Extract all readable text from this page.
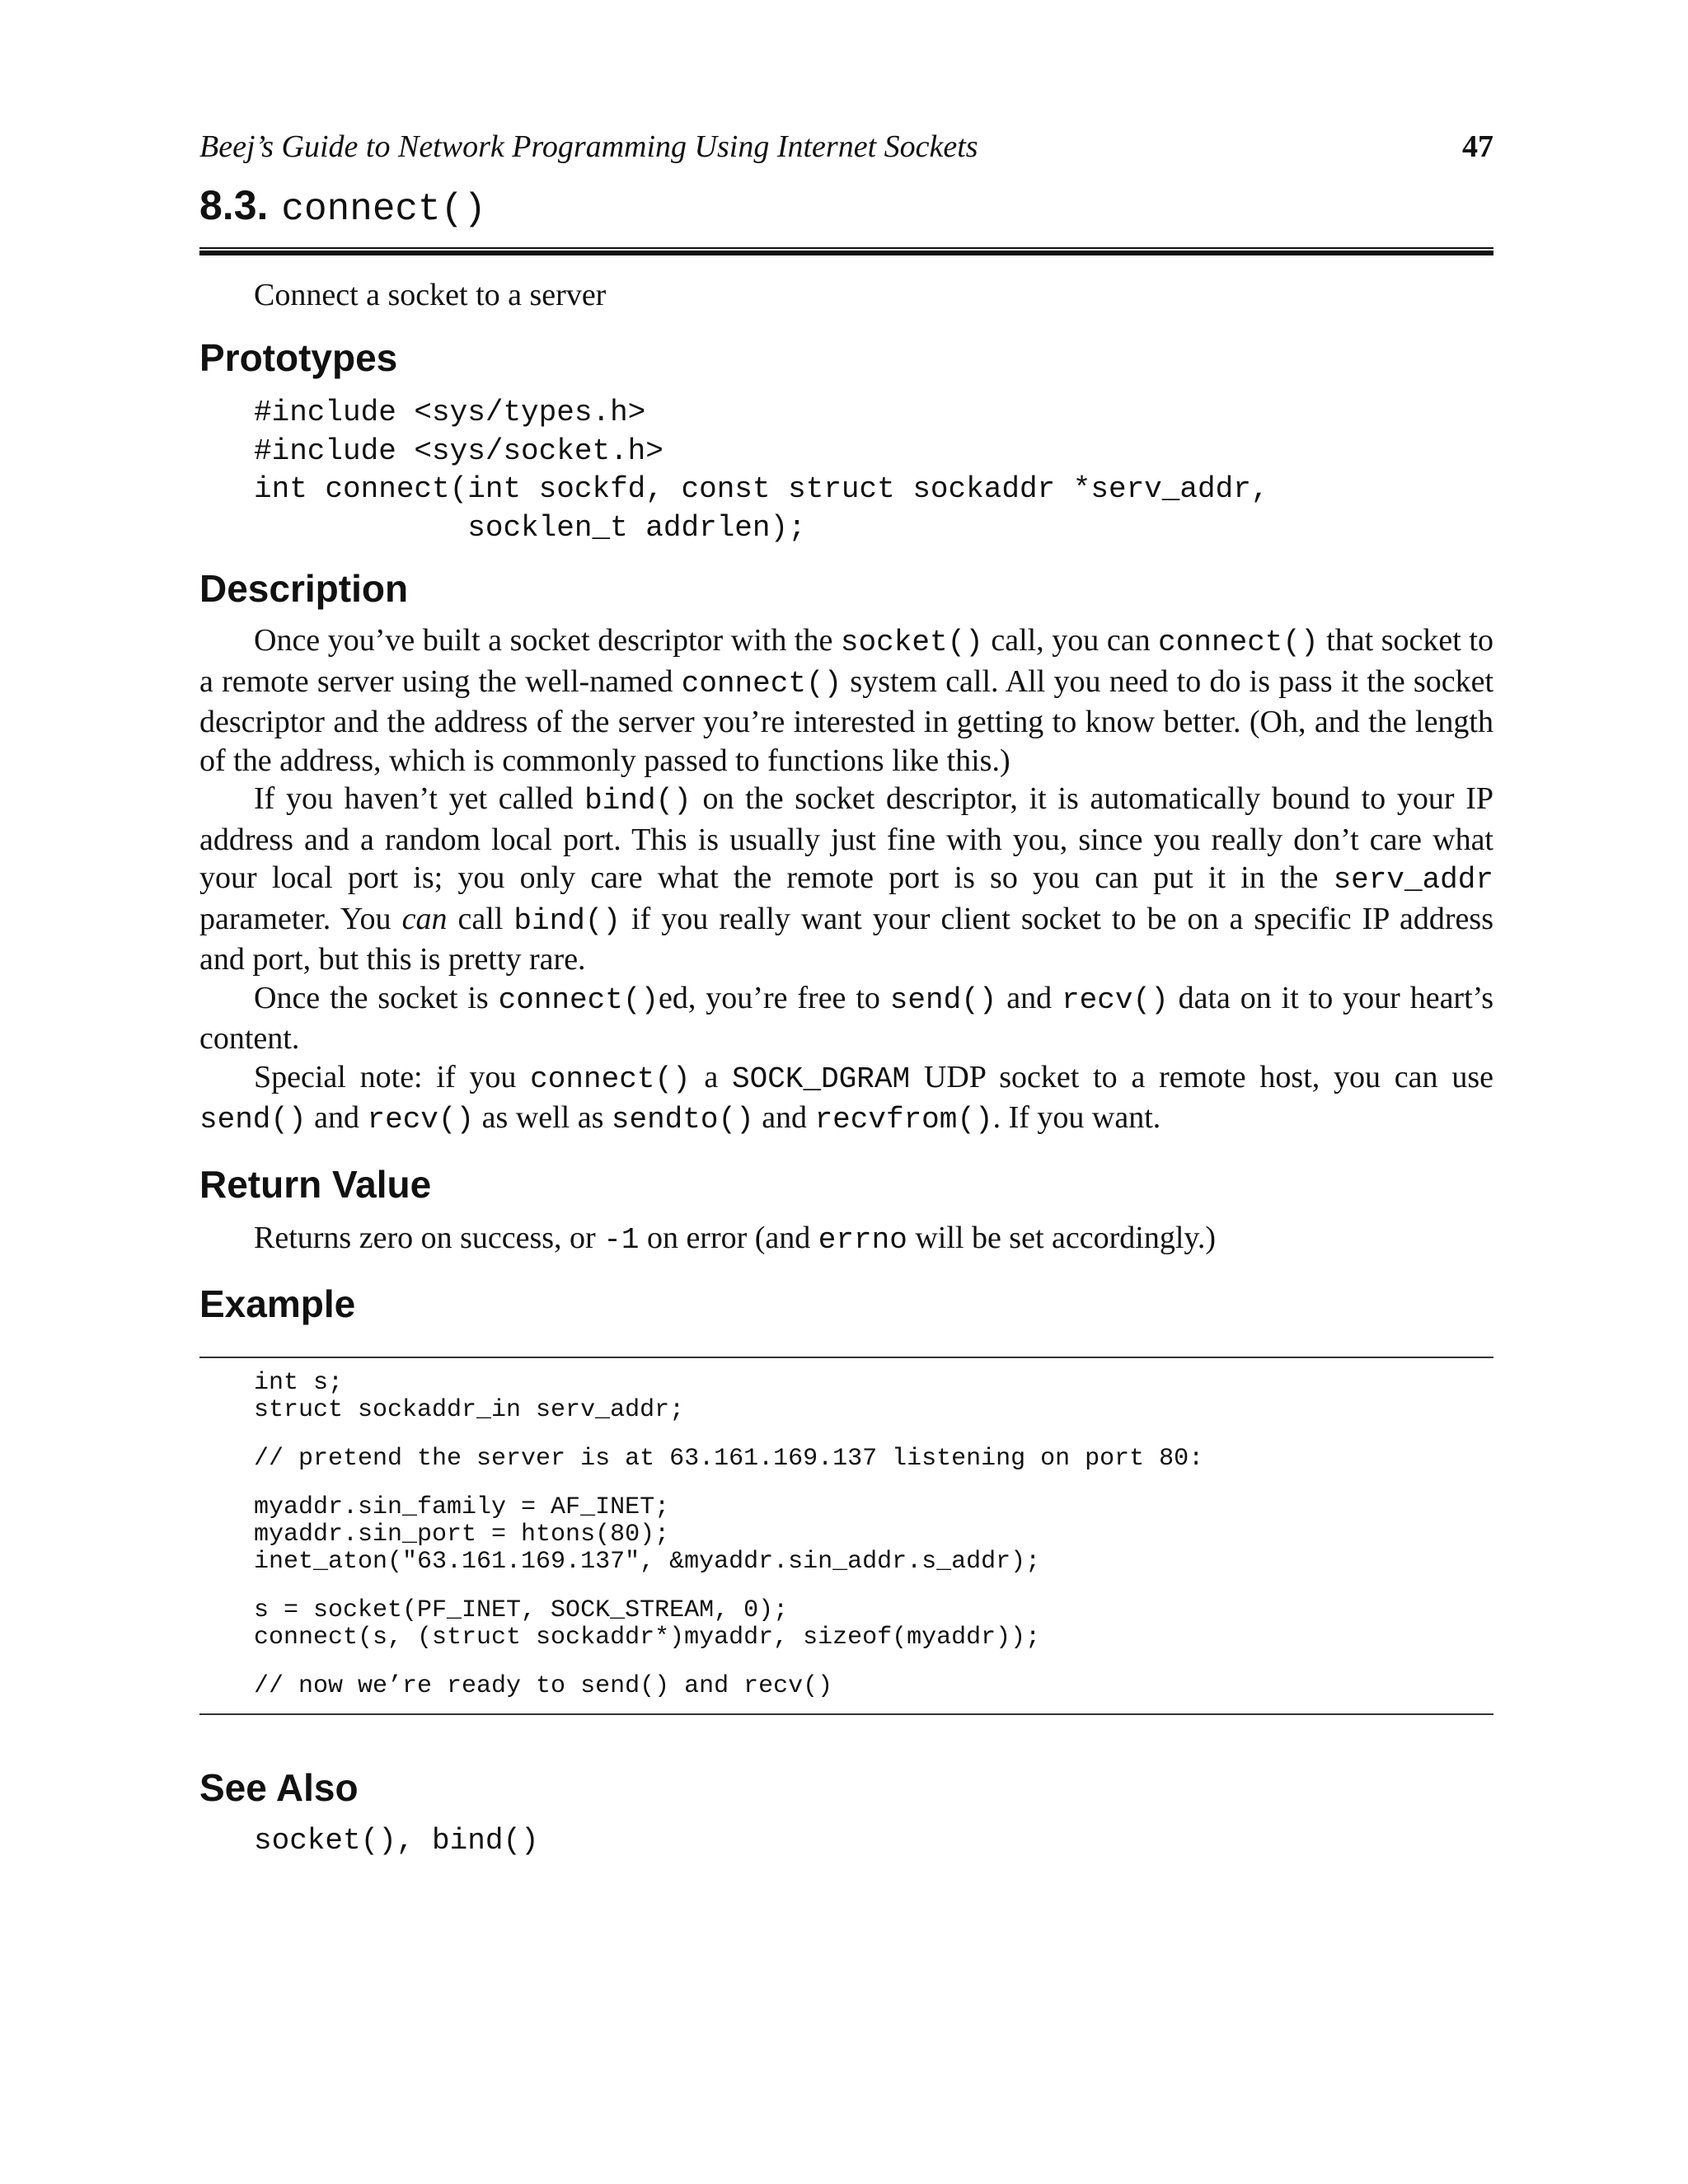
Beej’s Guide to Network Programming Using Internet Sockets	47
8.3. connect()
Connect a socket to a server
Prototypes
#include <sys/types.h>
#include <sys/socket.h>
int connect(int sockfd, const struct sockaddr *serv_addr,
socklen_t addrlen);
Description

Once you’ve built a socket descriptor with the socket() call, you can connect() that socket to a remote server using the well-named connect() system call. All you need to do is pass it the socket descriptor and the address of the server you’re interested in getting to know better. (Oh, and the length of the address, which is commonly passed to functions like this.)

If you haven’t yet called bind() on the socket descriptor, it is automatically bound to your IP address and a random local port. This is usually just fine with you, since you really don’t care what your local port is; you only care what the remote port is so you can put it in the serv_addr parameter. You can call bind() if you really want your client socket to be on a specific IP address and port, but this is pretty rare.

Once the socket is connect()ed, you’re free to send() and recv() data on it to your heart’s content.

Special note: if you connect() a SOCK_DGRAM UDP socket to a remote host, you can use send() and recv() as well as sendto() and recvfrom(). If you want.

Return Value

Returns zero on success, or -1 on error (and errno will be set accordingly.)

Example
int s;
struct sockaddr_in serv_addr;
// pretend the server is at 63.161.169.137 listening on port 80:
myaddr.sin_family = AF_INET;
myaddr.sin_port = htons(80);
inet_aton("63.161.169.137", &myaddr.sin_addr.s_addr);
s = socket(PF_INET, SOCK_STREAM, 0);
connect(s, (struct sockaddr*)myaddr, sizeof(myaddr));
// now we’re ready to send() and recv()
See Also
socket(), bind()
